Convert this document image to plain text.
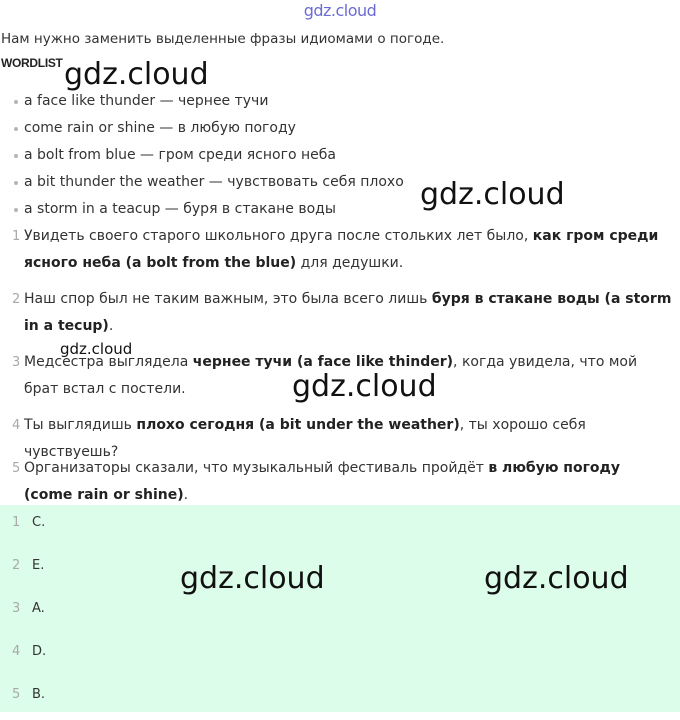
gdz.cloud
Нам нужно заменить выделенные фразы идиомами о погоде.
WORDLIST
a face like thunder — чернее тучи
come rain or shine — в любую погоду
a bolt from blue — гром среди ясного неба
a bit thunder the weather — чувствовать себя плохо
a storm in a teacup — буря в стакане воды
1 Увидеть своего старого школьного друга после стольких лет было, как гром среди ясного неба (a bolt from the blue) для дедушки.
2 Наш спор был не таким важным, это была всего лишь буря в стакане воды (a storm in a tecup).
3 Медсестра выглядела чернее тучи (a face like thinder), когда увидела, что мой брат встал с постели.
4 Ты выглядишь плохо сегодня (a bit under the weather), ты хорошо себя чувствуешь?
5 Организаторы сказали, что музыкальный фестиваль пройдёт в любую погоду (come rain or shine).
1 C.
2 E.
3 A.
4 D.
5 B.
gdz.cloud
gdz.cloud
gdz.cloud
gdz.cloud
gdz.cloud	gdz.cloud
